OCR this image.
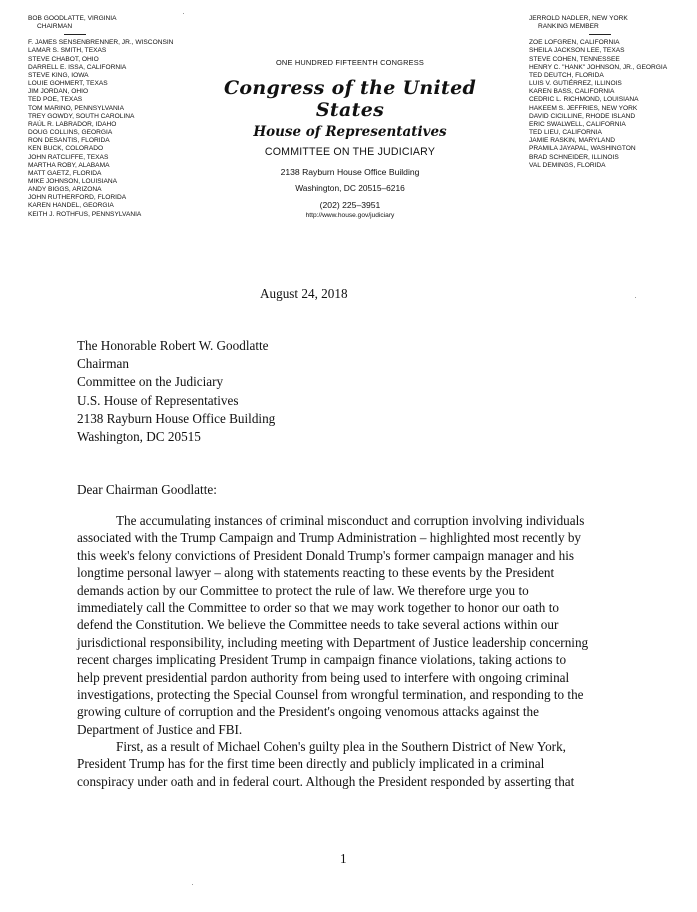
BOB GOODLATTE, VIRGINIA
CHAIRMAN
F. JAMES SENSENBRENNER, JR., WISCONSIN
LAMAR S. SMITH, TEXAS
STEVE CHABOT, OHIO
DARRELL E. ISSA, CALIFORNIA
STEVE KING, IOWA
LOUIE GOHMERT, TEXAS
JIM JORDAN, OHIO
TED POE, TEXAS
TOM MARINO, PENNSYLVANIA
TREY GOWDY, SOUTH CAROLINA
RAÚL R. LABRADOR, IDAHO
DOUG COLLINS, GEORGIA
RON DESANTIS, FLORIDA
KEN BUCK, COLORADO
JOHN RATCLIFFE, TEXAS
MARTHA ROBY, ALABAMA
MATT GAETZ, FLORIDA
MIKE JOHNSON, LOUISIANA
ANDY BIGGS, ARIZONA
JOHN RUTHERFORD, FLORIDA
KAREN HANDEL, GEORGIA
KEITH J. ROTHFUS, PENNSYLVANIA
JERROLD NADLER, NEW YORK
RANKING MEMBER
ZOE LOFGREN, CALIFORNIA
SHEILA JACKSON LEE, TEXAS
STEVE COHEN, TENNESSEE
HENRY C. "HANK" JOHNSON, JR., GEORGIA
TED DEUTCH, FLORIDA
LUIS V. GUTIÉRREZ, ILLINOIS
KAREN BASS, CALIFORNIA
CEDRIC L. RICHMOND, LOUISIANA
HAKEEM S. JEFFRIES, NEW YORK
DAVID CICILLINE, RHODE ISLAND
ERIC SWALWELL, CALIFORNIA
TED LIEU, CALIFORNIA
JAMIE RASKIN, MARYLAND
PRAMILA JAYAPAL, WASHINGTON
BRAD SCHNEIDER, ILLINOIS
VAL DEMINGS, FLORIDA
ONE HUNDRED FIFTEENTH CONGRESS
Congress of the United States
House of Representatives
COMMITTEE ON THE JUDICIARY
2138 Rayburn House Office Building
Washington, DC 20515–6216
(202) 225–3951
http://www.house.gov/judiciary
August 24, 2018
The Honorable Robert W. Goodlatte
Chairman
Committee on the Judiciary
U.S. House of Representatives
2138 Rayburn House Office Building
Washington, DC 20515
Dear Chairman Goodlatte:
The accumulating instances of criminal misconduct and corruption involving individuals
associated with the Trump Campaign and Trump Administration – highlighted most recently by
this week's felony convictions of President Donald Trump's former campaign manager and his
longtime personal lawyer – along with statements reacting to these events by the President
demands action by our Committee to protect the rule of law. We therefore urge you to
immediately call the Committee to order so that we may work together to honor our oath to
defend the Constitution. We believe the Committee needs to take several actions within our
jurisdictional responsibility, including meeting with Department of Justice leadership concerning
recent charges implicating President Trump in campaign finance violations, taking actions to
help prevent presidential pardon authority from being used to interfere with ongoing criminal
investigations, protecting the Special Counsel from wrongful termination, and responding to the
growing culture of corruption and the President's ongoing venomous attacks against the
Department of Justice and FBI.
First, as a result of Michael Cohen's guilty plea in the Southern District of New York,
President Trump has for the first time been directly and publicly implicated in a criminal
conspiracy under oath and in federal court. Although the President responded by asserting that
1
